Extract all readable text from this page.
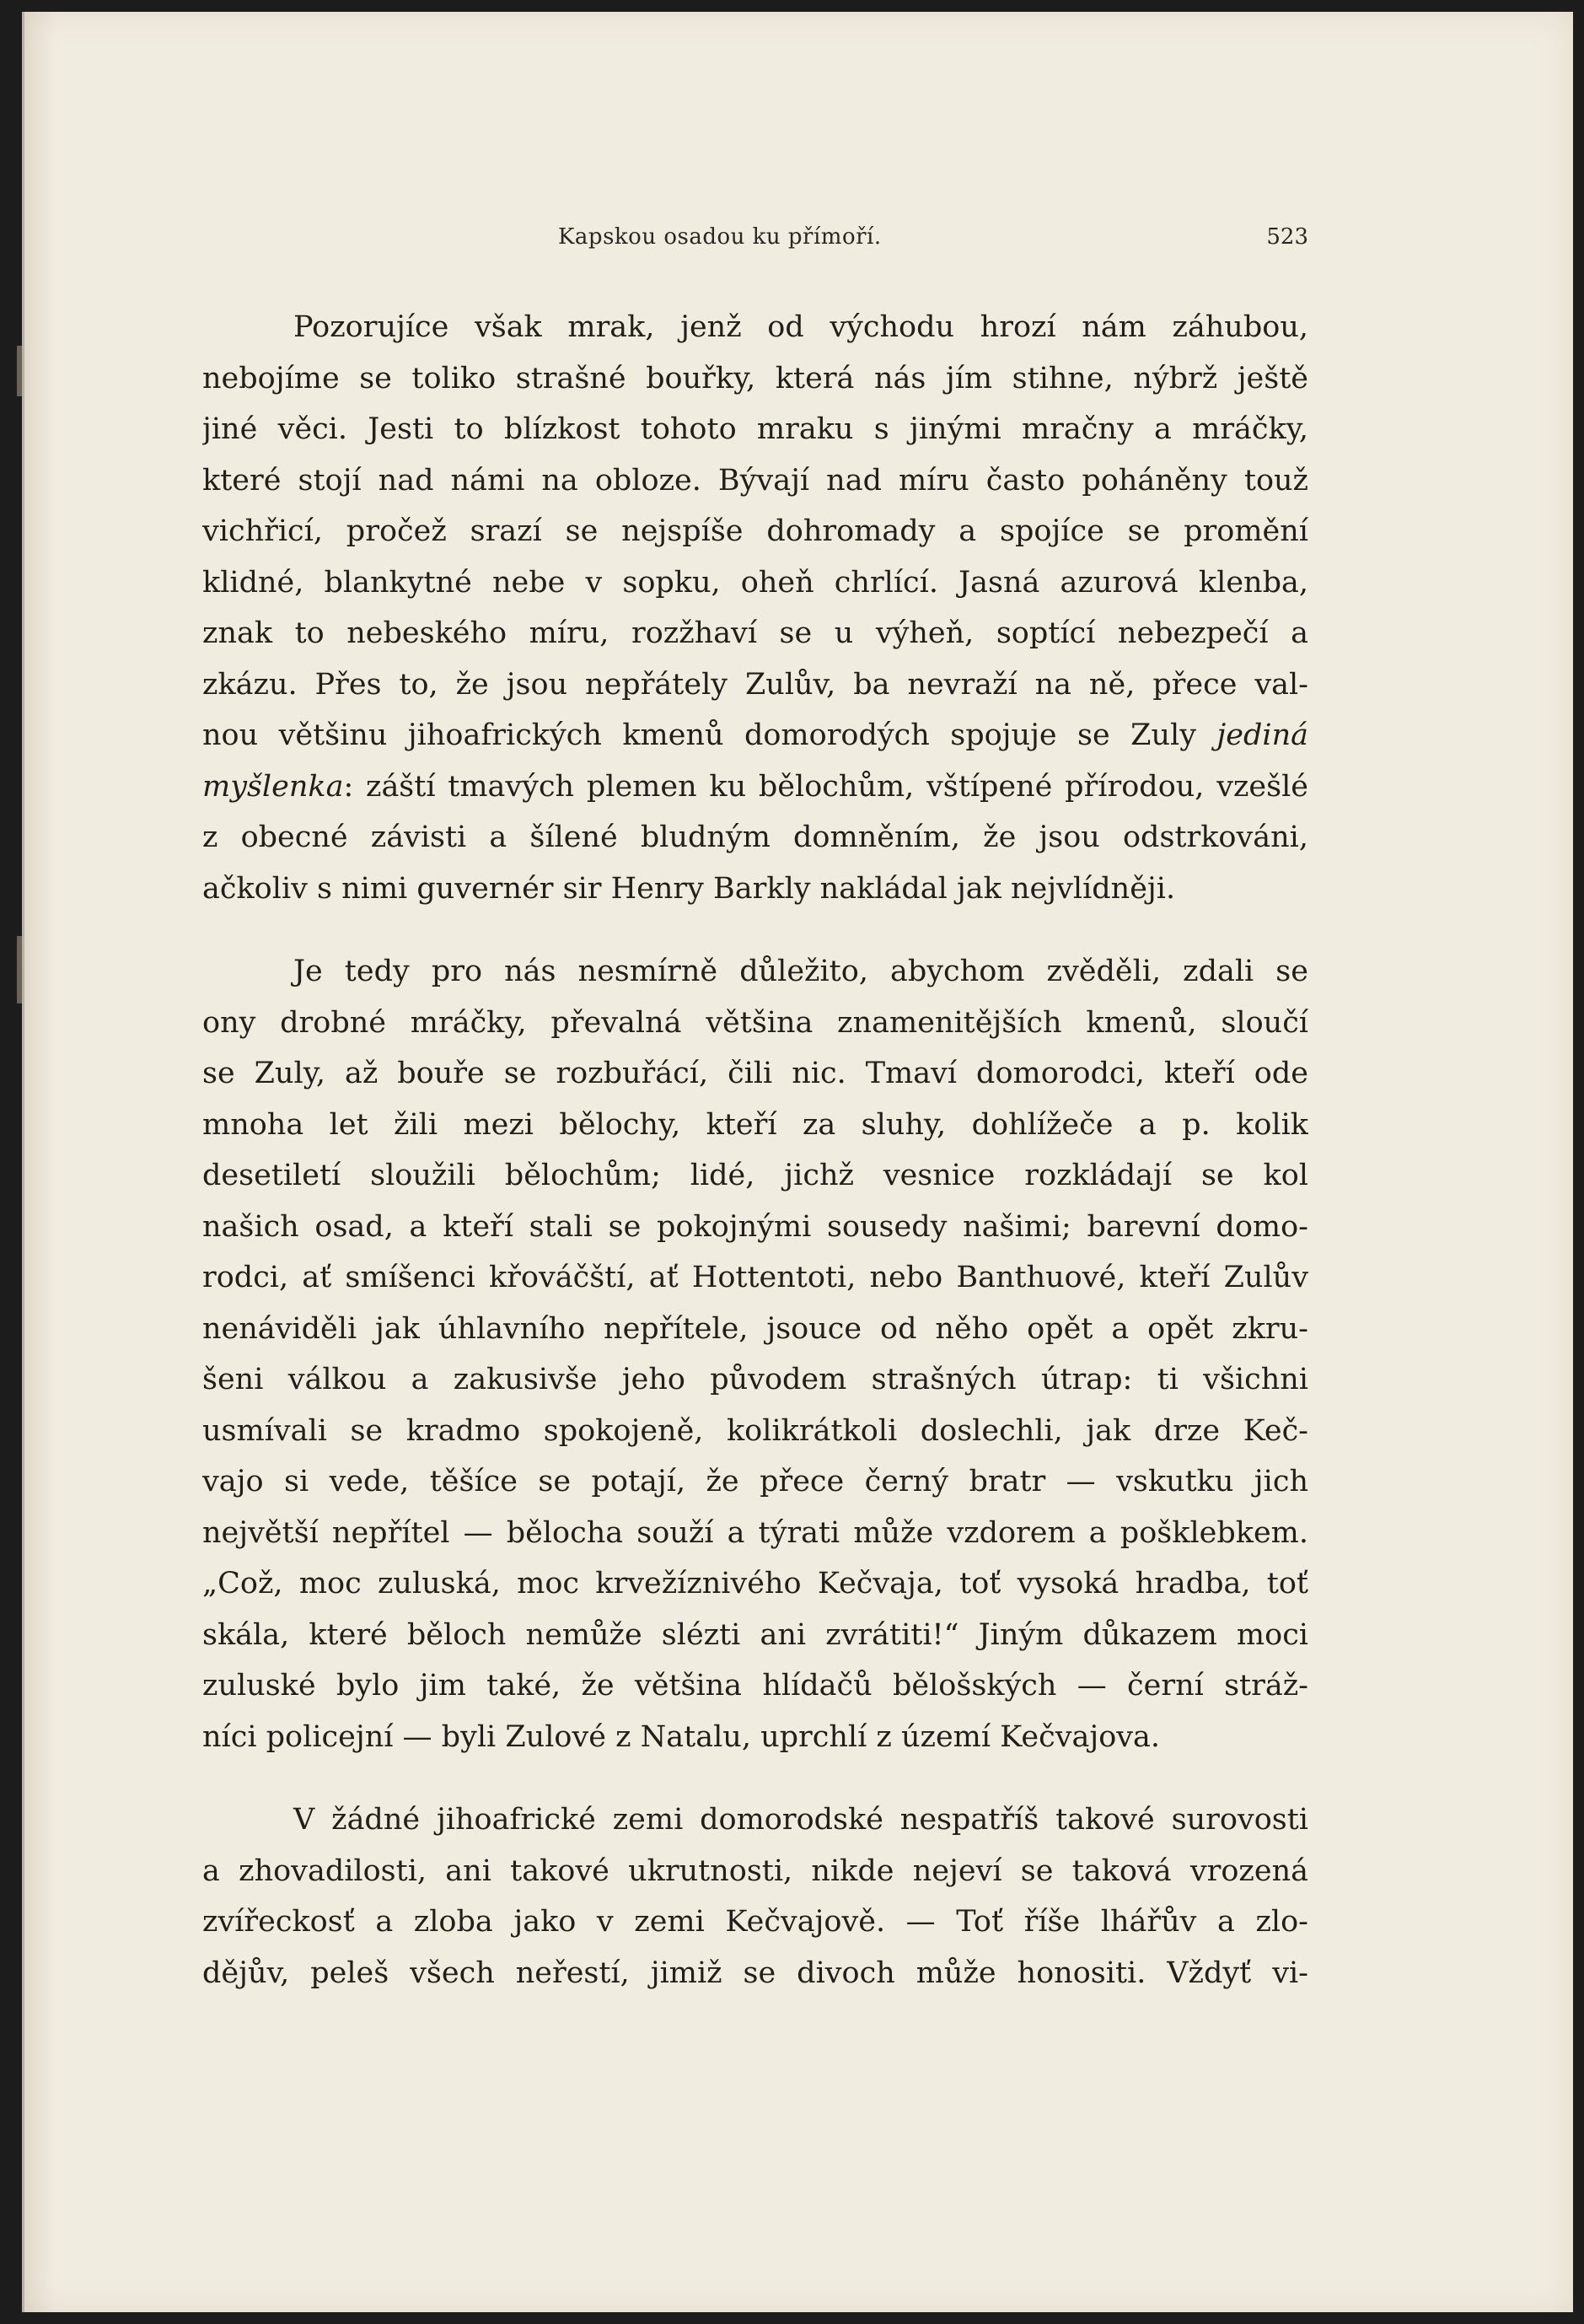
Kapskou osadou ku přímoří.	523
Pozorujíce však mrak, jenž od východu hrozí nám záhubou,
nebojíme se toliko strašné bouřky, která nás jím stihne, nýbrž ještě
jiné věci. Jesti to blízkost tohoto mraku s jinými mračny a mráčky,
které stojí nad námi na obloze. Bývají nad míru často poháněny touž
vichřicí, pročež srazí se nejspíše dohromady a spojíce se promění
klidné, blankytné nebe v sopku, oheň chrlící. Jasná azurová klenba,
znak to nebeského míru, rozžhaví se u výheň, soptící nebezpečí a
zkázu. Přes to, že jsou nepřátely Zulův, ba nevraží na ně, přece val-
nou většinu jihoafrických kmenů domorodých spojuje se Zuly jediná
myšlenka: záští tmavých plemen ku bělochům, vštípené přírodou, vzešlé
z obecné závisti a šílené bludným domněním, že jsou odstrkováni,
ačkoliv s nimi guvernér sir Henry Barkly nakládal jak nejvlídněji.
Je tedy pro nás nesmírně důležito, abychom zvěděli, zdali se
ony drobné mráčky, převalná většina znamenitějších kmenů, sloučí
se Zuly, až bouře se rozbuřácí, čili nic. Tmaví domorodci, kteří ode
mnoha let žili mezi bělochy, kteří za sluhy, dohlížeče a p. kolik
desetiletí sloužili bělochům; lidé, jichž vesnice rozkládají se kol
našich osad, a kteří stali se pokojnými sousedy našimi; barevní domo-
rodci, ať smíšenci křováčští, ať Hottentoti, nebo Banthuové, kteří Zulův
nenáviděli jak úhlavního nepřítele, jsouce od něho opět a opět zkru-
šeni válkou a zakusivše jeho původem strašných útrap: ti všichni
usmívali se kradmo spokojeně, kolikrátkoli doslechli, jak drze Keč-
vajo si vede, těšíce se potají, že přece černý bratr — vskutku jich
největší nepřítel — bělocha souží a týrati může vzdorem a pošklebkem.
„Což, moc zuluská, moc krvežíznivého Kečvaja, toť vysoká hradba, toť
skála, které běloch nemůže slézti ani zvrátiti!“ Jiným důkazem moci
zuluské bylo jim také, že většina hlídačů bělošských — černí stráž-
níci policejní — byli Zulové z Natalu, uprchlí z území Kečvajova.
V žádné jihoafrické zemi domorodské nespatříš takové surovosti
a zhovadilosti, ani takové ukrutnosti, nikde nejeví se taková vrozená
zvířeckosť a zloba jako v zemi Kečvajově. — Toť říše lhářův a zlo-
dějův, peleš všech neřestí, jimiž se divoch může honositi. Vždyť vi-
